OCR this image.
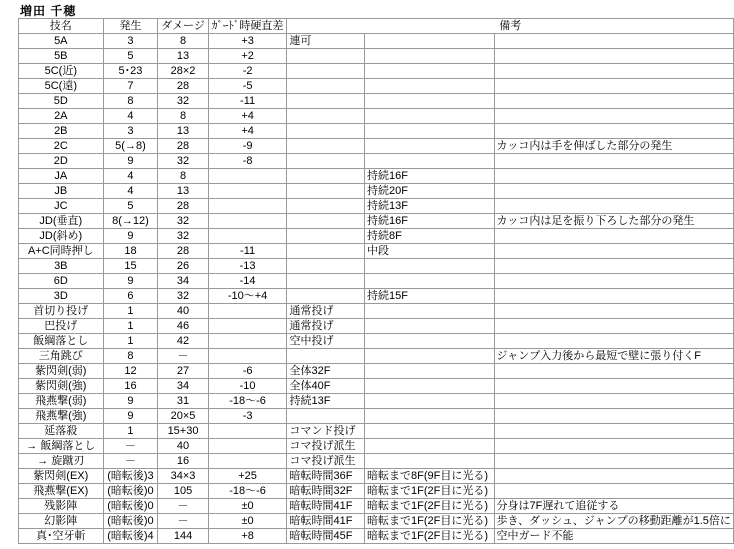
増田 千穂
技名	発生	ダメージ	ｶﾞｰﾄﾞ時硬直差	備考		
5A	3	8	+3	連可		
5B	5	13	+2			
5C(近)	5･23	28×2	-2			
5C(遠)	7	28	-5			
5D	8	32	-11			
2A	4	8	+4			
2B	3	13	+4			
2C	5(→8)	28	-9			カッコ内は手を伸ばした部分の発生
2D	9	32	-8			
JA	4	8			持続16F	
JB	4	13			持続20F	
JC	5	28			持続13F	
JD(垂直)	8(→12)	32			持続16F	カッコ内は足を振り下ろした部分の発生
JD(斜め)	9	32			持続8F	
A+C同時押し	18	28	-11		中段	
3B	15	26	-13			
6D	9	34	-14			
3D	6	32	-10～+4		持続15F	
首切り投げ	1	40		通常投げ		
巴投げ	1	46		通常投げ		
飯綱落とし	1	42		空中投げ		
三角跳び	8	－				ジャンプ入力後から最短で壁に張り付くF
紫閃剣(弱)	12	27	-6	全体32F		
紫閃剣(強)	16	34	-10	全体40F		
飛燕撃(弱)	9	31	-18～-6	持続13F		
飛燕撃(強)	9	20×5	-3			
延落殺	1	15+30		コマンド投げ		
→ 飯綱落とし	－	40		コマ投げ派生		
→ 旋蹴刃	－	16		コマ投げ派生		
紫閃剣(EX)	(暗転後)3	34×3	+25	暗転時間36F	暗転まで8F(9F目に光る)	
飛燕撃(EX)	(暗転後)0	105	-18～-6	暗転時間32F	暗転まで1F(2F目に光る)	
残影陣	(暗転後)0	－	±0	暗転時間41F	暗転まで1F(2F目に光る)	分身は7F遅れて追従する
幻影陣	(暗転後)0	－	±0	暗転時間41F	暗転まで1F(2F目に光る)	歩き、ダッシュ、ジャンプの移動距離が1.5倍に
真･空牙斬	(暗転後)4	144	+8	暗転時間45F	暗転まで1F(2F目に光る)	空中ガード不能
